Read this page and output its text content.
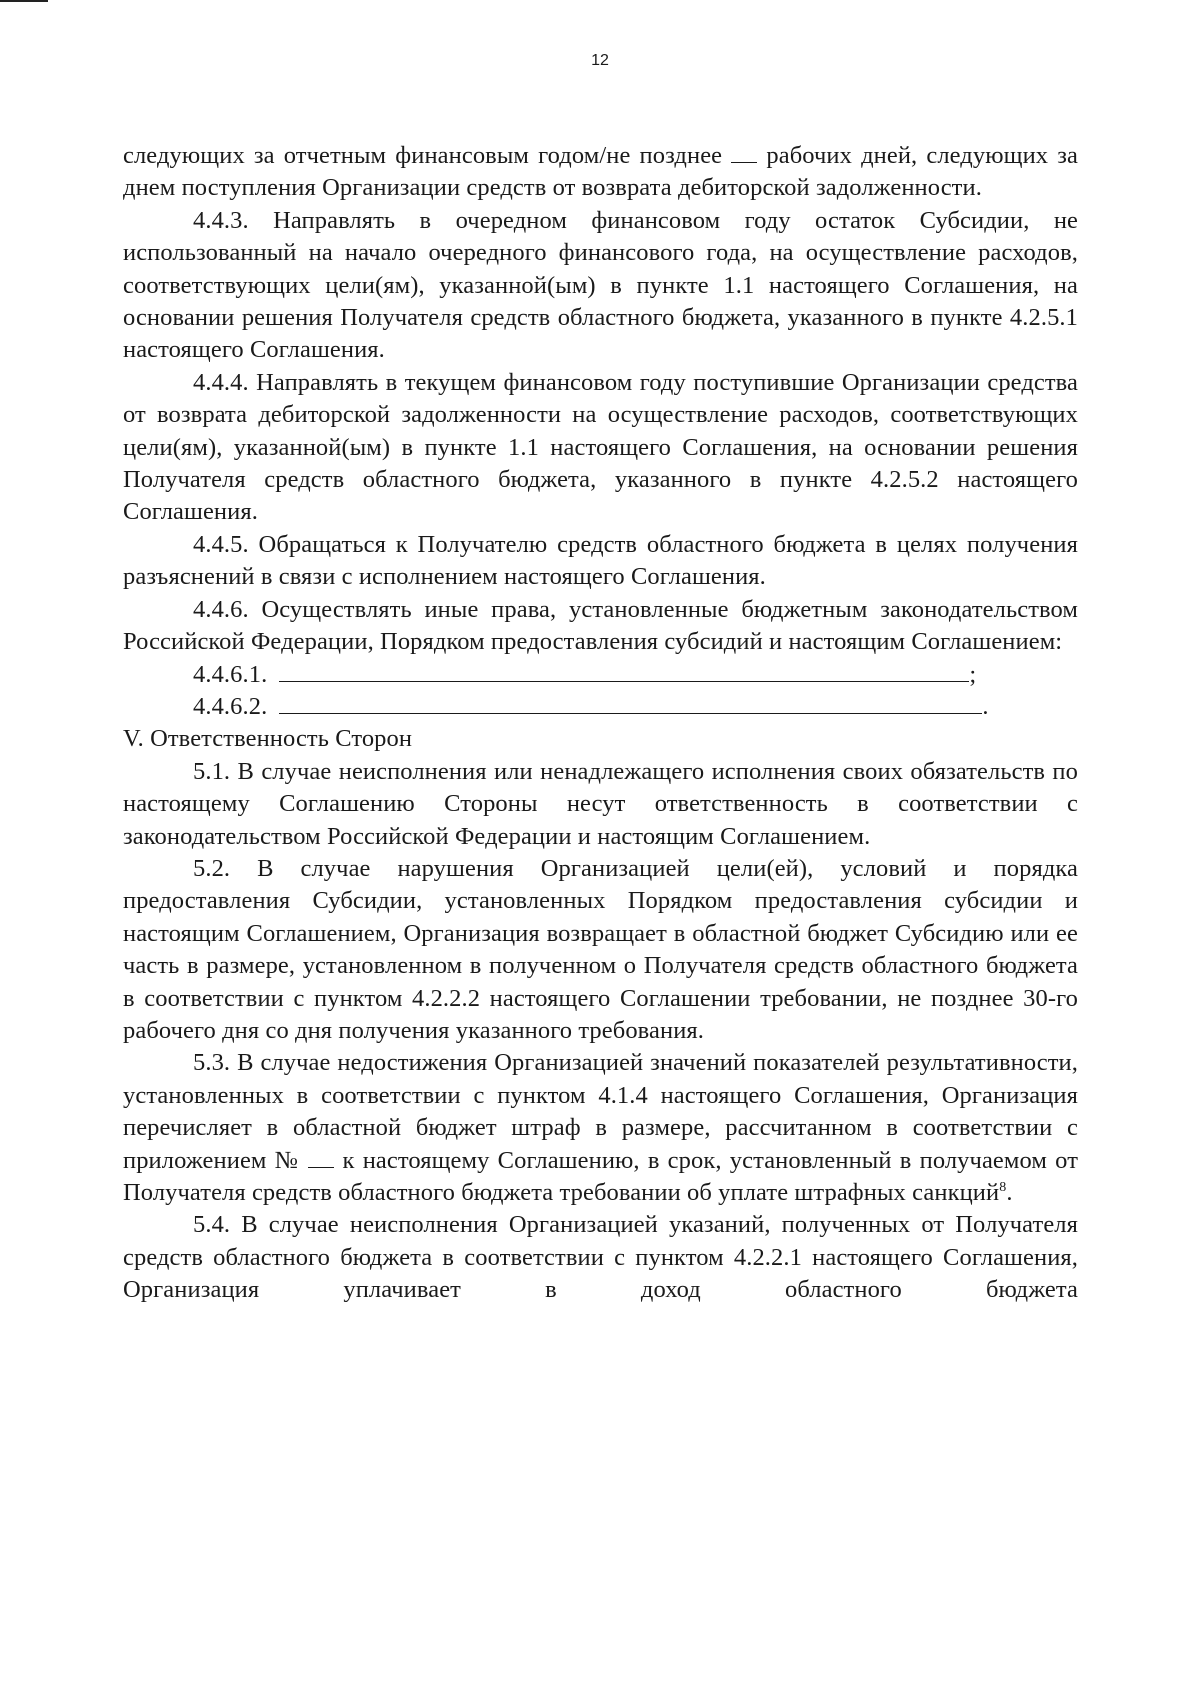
12

следующих за отчетным финансовым годом/не позднее рабочих дней, следующих за днем поступления Организации средств от возврата дебиторской задолженности.

4.4.3. Направлять в очередном финансовом году остаток Субсидии, не использованный на начало очередного финансового года, на осуществление расходов, соответствующих цели(ям), указанной(ым) в пункте 1.1 настоящего Соглашения, на основании решения Получателя средств областного бюджета, указанного в пункте 4.2.5.1 настоящего Соглашения.

4.4.4. Направлять в текущем финансовом году поступившие Организации средства от возврата дебиторской задолженности на осуществление расходов, соответствующих цели(ям), указанной(ым) в пункте 1.1 настоящего Соглашения, на основании решения Получателя средств областного бюджета, указанного в пункте 4.2.5.2 настоящего Соглашения.

4.4.5. Обращаться к Получателю средств областного бюджета в целях получения разъяснений в связи с исполнением настоящего Соглашения.

4.4.6. Осуществлять иные права, установленные бюджетным законодательством Российской Федерации, Порядком предоставления субсидий и настоящим Соглашением:

4.4.6.1.	;
4.4.6.2.	.

V. Ответственность Сторон

5.1. В случае неисполнения или ненадлежащего исполнения своих обязательств по настоящему Соглашению Стороны несут ответственность в соответствии с законодательством Российской Федерации и настоящим Соглашением.

5.2. В случае нарушения Организацией цели(ей), условий и порядка предоставления Субсидии, установленных Порядком предоставления субсидии и настоящим Соглашением, Организация возвращает в областной бюджет Субсидию или ее часть в размере, установленном в полученном о Получателя средств областного бюджета в соответствии с пунктом 4.2.2.2 настоящего Соглашении требовании, не позднее 30-го рабочего дня со дня получения указанного требования.

5.3. В случае недостижения Организацией значений показателей результативности, установленных в соответствии с пунктом 4.1.4 настоящего Соглашения, Организация перечисляет в областной бюджет штраф в размере, рассчитанном в соответствии с приложением № к настоящему Соглашению, в срок, установленный в получаемом от Получателя средств областного бюджета требовании об уплате штрафных санкций$^8$.

5.4. В случае неисполнения Организацией указаний, полученных от Получателя средств областного бюджета в соответствии с пунктом 4.2.2.1 настоящего Соглашения, Организация уплачивает в доход областного бюджета
